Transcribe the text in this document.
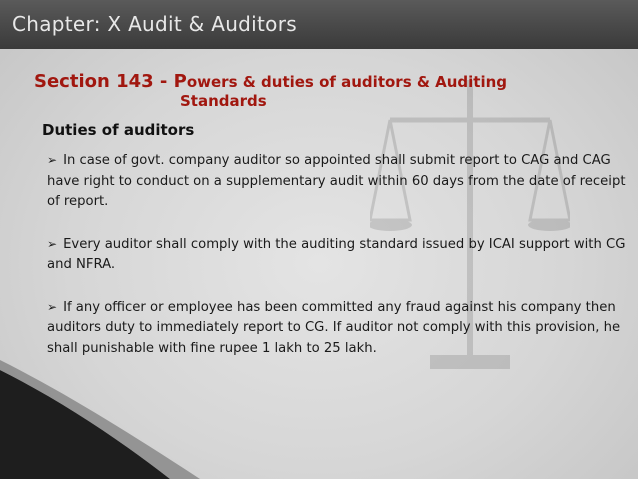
Chapter: X Audit & Auditors
Section 143 - Powers & duties of auditors & Auditing
Standards
Duties of auditors
➢ In case of govt. company auditor so appointed shall submit report to CAG and CAG have right to conduct on a supplementary audit within 60 days from the date of receipt of report.
➢ Every auditor shall comply with the auditing standard issued by ICAI support with CG and NFRA.
➢ If any officer or employee has been committed any fraud against his company then auditors duty to immediately report to CG. If auditor not comply with this provision, he shall punishable with fine rupee 1 lakh to 25 lakh.
